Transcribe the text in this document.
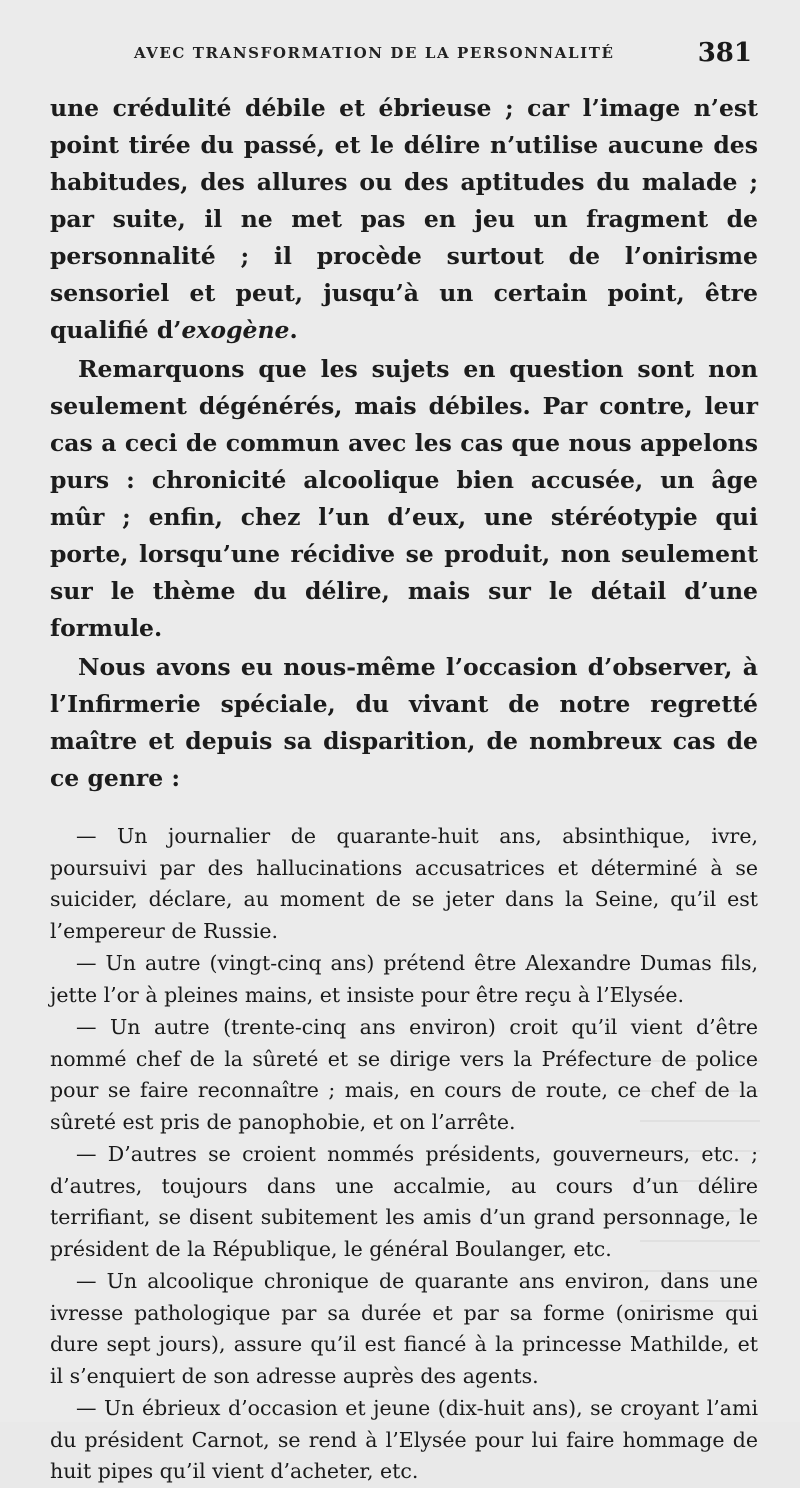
AVEC TRANSFORMATION DE LA PERSONNALITÉ	381

une crédulité débile et ébrieuse ; car l’image n’est point tirée du passé, et le délire n’utilise aucune des habitudes, des allures ou des aptitudes du malade ; par suite, il ne met pas en jeu un fragment de personnalité ; il procède surtout de l’onirisme sensoriel et peut, jusqu’à un certain point, être qualifié d’exogène.

Remarquons que les sujets en question sont non seulement dégénérés, mais débiles. Par contre, leur cas a ceci de commun avec les cas que nous appelons purs : chronicité alcoolique bien accusée, un âge mûr ; enfin, chez l’un d’eux, une stéréotypie qui porte, lorsqu’une récidive se produit, non seulement sur le thème du délire, mais sur le détail d’une formule.

Nous avons eu nous-même l’occasion d’observer, à l’Infirmerie spéciale, du vivant de notre regretté maître et depuis sa disparition, de nombreux cas de ce genre :

— Un journalier de quarante-huit ans, absinthique, ivre, poursuivi par des hallucinations accusatrices et déterminé à se suicider, déclare, au moment de se jeter dans la Seine, qu’il est l’empereur de Russie.

— Un autre (vingt-cinq ans) prétend être Alexandre Dumas fils, jette l’or à pleines mains, et insiste pour être reçu à l’Elysée.

— Un autre (trente-cinq ans environ) croit qu’il vient d’être nommé chef de la sûreté et se dirige vers la Préfecture de police pour se faire reconnaître ; mais, en cours de route, ce chef de la sûreté est pris de panophobie, et on l’arrête.

— D’autres se croient nommés présidents, gouverneurs, etc. ; d’autres, toujours dans une accalmie, au cours d’un délire terrifiant, se disent subitement les amis d’un grand personnage, le président de la République, le général Boulanger, etc.

— Un alcoolique chronique de quarante ans environ, dans une ivresse pathologique par sa durée et par sa forme (onirisme qui dure sept jours), assure qu’il est fiancé à la princesse Mathilde, et il s’enquiert de son adresse auprès des agents.

— Un ébrieux d’occasion et jeune (dix-huit ans), se croyant l’ami du président Carnot, se rend à l’Elysée pour lui faire hommage de huit pipes qu’il vient d’acheter, etc.
